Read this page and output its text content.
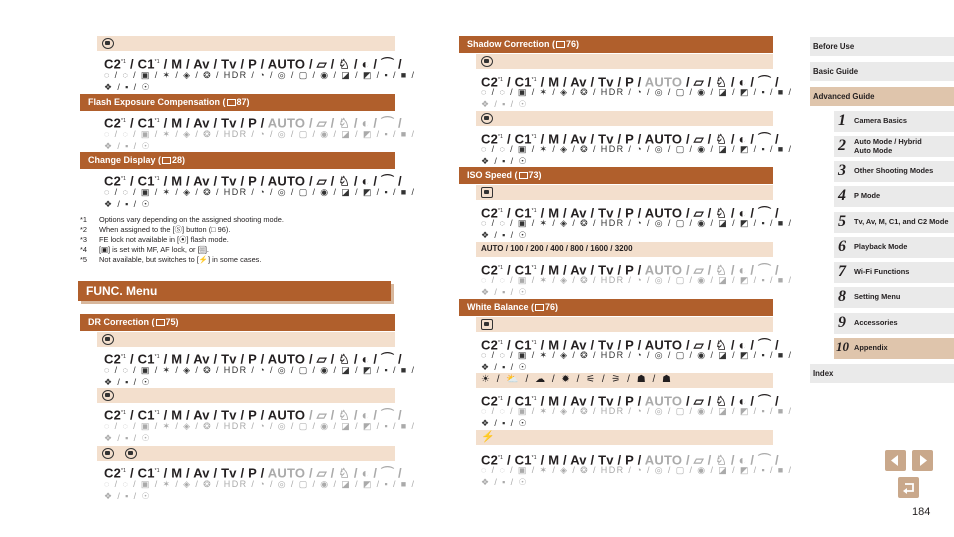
C2$^{*1}$ / C1$^{*1}$ / M / Av / Tv / P / AUTO / ▱ / ♘ / ◐ / ⌒ /
◌ / ◌ / ▣ / ✶ / ◈ / ❂ / HDR / ◔ / ◎ / ▢ / ◉ / ◪ / ◩ / ▪ / ■ /
❖ / ▪ / ☉
Flash Exposure Compensation ( 87)
C2$^{*1}$ / C1$^{*1}$ / M / Av / Tv / P / AUTO / ▱ / ♘ / ◐ / ⌒ /
◌ / ◌ / ▣ / ✶ / ◈ / ❂ / HDR / ◔ / ◎ / ▢ / ◉ / ◪ / ◩ / ▪ / ■ /
❖ / ▪ / ☉
Change Display ( 28)
C2$^{*1}$ / C1$^{*1}$ / M / Av / Tv / P / AUTO / ▱ / ♘ / ◐ / ⌒ /
◌ / ◌ / ▣ / ✶ / ◈ / ❂ / HDR / ◔ / ◎ / ▢ / ◉ / ◪ / ◩ / ▪ / ■ /
❖ / ▪ / ☉
*1 Options vary depending on the assigned shooting mode.
*2 When assigned to the [Ⓢ] button (□ 96).
*3 FE lock not available in [⦿] flash mode.
*4 [▣] is set with MF, AF lock, or [▒].
*5 Not available, but switches to [⚡] in some cases.
FUNC. Menu
DR Correction ( 75)
C2$^{*1}$ / C1$^{*1}$ / M / Av / Tv / P / AUTO / ▱ / ♘ / ◐ / ⌒ /
◌ / ◌ / ▣ / ✶ / ◈ / ❂ / HDR / ◔ / ◎ / ▢ / ◉ / ◪ / ◩ / ▪ / ■ /
❖ / ▪ / ☉
C2$^{*1}$ / C1$^{*1}$ / M / Av / Tv / P / AUTO / ▱ / ♘ / ◐ / ⌒ /
◌ / ◌ / ▣ / ✶ / ◈ / ❂ / HDR / ◔ / ◎ / ▢ / ◉ / ◪ / ◩ / ▪ / ■ /
❖ / ▪ / ☉
C2$^{*1}$ / C1$^{*1}$ / M / Av / Tv / P / AUTO / ▱ / ♘ / ◐ / ⌒ /
◌ / ◌ / ▣ / ✶ / ◈ / ❂ / HDR / ◔ / ◎ / ▢ / ◉ / ◪ / ◩ / ▪ / ■ /
❖ / ▪ / ☉
Shadow Correction ( 76)
C2$^{*1}$ / C1$^{*1}$ / M / Av / Tv / P / AUTO / ▱ / ♘ / ◐ / ⌒ /
◌ / ◌ / ▣ / ✶ / ◈ / ❂ / HDR / ◔ / ◎ / ▢ / ◉ / ◪ / ◩ / ▪ / ■ /
❖ / ▪ / ☉
C2$^{*1}$ / C1$^{*1}$ / M / Av / Tv / P / AUTO / ▱ / ♘ / ◐ / ⌒ /
◌ / ◌ / ▣ / ✶ / ◈ / ❂ / HDR / ◔ / ◎ / ▢ / ◉ / ◪ / ◩ / ▪ / ■ /
❖ / ▪ / ☉
ISO Speed ( 73)
C2$^{*1}$ / C1$^{*1}$ / M / Av / Tv / P / AUTO / ▱ / ♘ / ◐ / ⌒ /
◌ / ◌ / ▣ / ✶ / ◈ / ❂ / HDR / ◔ / ◎ / ▢ / ◉ / ◪ / ◩ / ▪ / ■ /
❖ / ▪ / ☉
AUTO / 100 / 200 / 400 / 800 / 1600 / 3200
C2$^{*1}$ / C1$^{*1}$ / M / Av / Tv / P / AUTO / ▱ / ♘ / ◐ / ⌒ /
◌ / ◌ / ▣ / ✶ / ◈ / ❂ / HDR / ◔ / ◎ / ▢ / ◉ / ◪ / ◩ / ▪ / ■ /
❖ / ▪ / ☉
White Balance ( 76)
C2$^{*1}$ / C1$^{*1}$ / M / Av / Tv / P / AUTO / ▱ / ♘ / ◐ / ⌒ /
◌ / ◌ / ▣ / ✶ / ◈ / ❂ / HDR / ◔ / ◎ / ▢ / ◉ / ◪ / ◩ / ▪ / ■ /
❖ / ▪ / ☉
☀ / ⛅ / ☁ / ✹ / ⚟ / ⚞ / ☗ / ☗
C2$^{*1}$ / C1$^{*1}$ / M / Av / Tv / P / AUTO / ▱ / ♘ / ◐ / ⌒ /
◌ / ◌ / ▣ / ✶ / ◈ / ❂ / HDR / ◔ / ◎ / ▢ / ◉ / ◪ / ◩ / ▪ / ■ /
❖ / ▪ / ☉
⚡
C2$^{*1}$ / C1$^{*1}$ / M / Av / Tv / P / AUTO / ▱ / ♘ / ◐ / ⌒ /
◌ / ◌ / ▣ / ✶ / ◈ / ❂ / HDR / ◔ / ◎ / ▢ / ◉ / ◪ / ◩ / ▪ / ■ /
❖ / ▪ / ☉
Before Use
Basic Guide
Advanced Guide
1 Camera Basics
2 Auto Mode / Hybrid Auto Mode
3 Other Shooting Modes
4 P Mode
5 Tv, Av, M, C1, and C2 Mode
6 Playback Mode
7 Wi-Fi Functions
8 Setting Menu
9 Accessories
10 Appendix
Index
184
